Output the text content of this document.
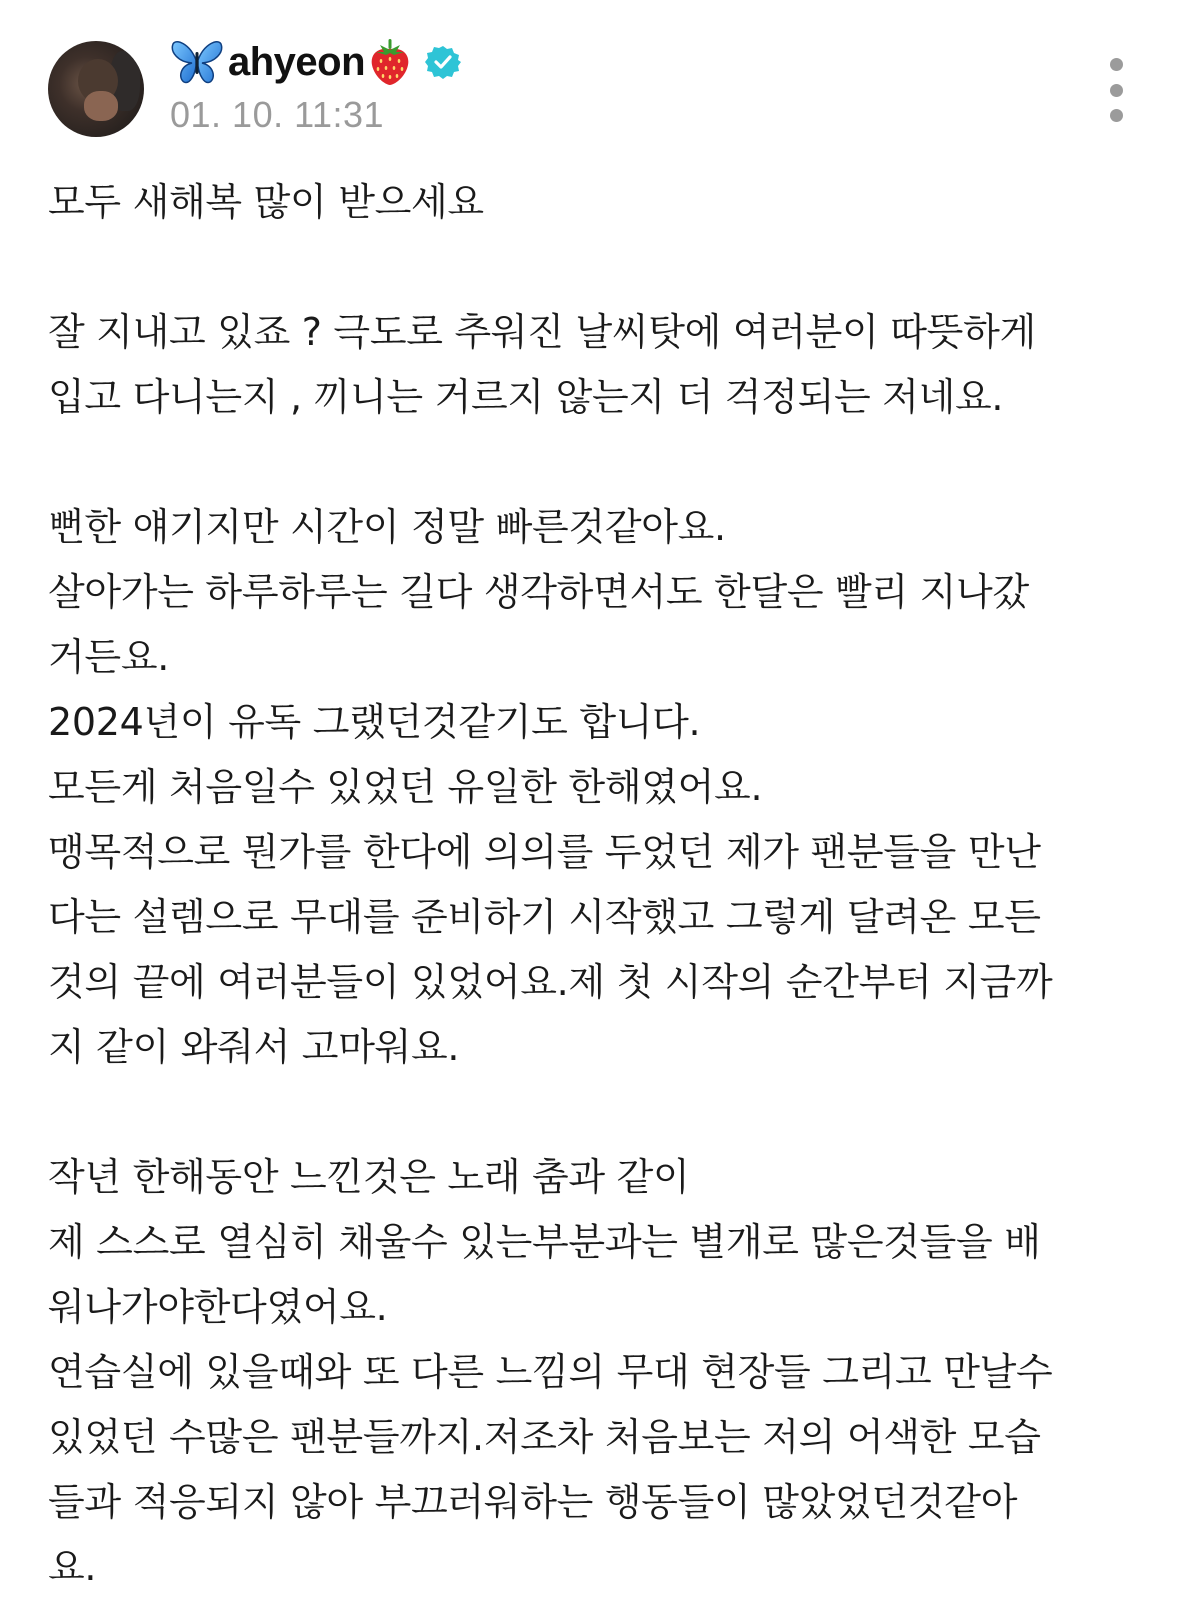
ahyeon
01. 10. 11:31
모두 새해복 많이 받으세요
잘 지내고 있죠 ? 극도로 추워진 날씨탓에 여러분이 따뜻하게
입고 다니는지 , 끼니는 거르지 않는지 더 걱정되는 저네요.
뻔한 얘기지만 시간이 정말 빠른것같아요.
살아가는 하루하루는 길다 생각하면서도 한달은 빨리 지나갔
거든요.
2024년이 유독 그랬던것같기도 합니다.
모든게 처음일수 있었던 유일한 한해였어요.
맹목적으로 뭔가를 한다에 의의를 두었던 제가 팬분들을 만난
다는 설렘으로 무대를 준비하기 시작했고 그렇게 달려온 모든
것의 끝에 여러분들이 있었어요.제 첫 시작의 순간부터 지금까
지 같이 와줘서 고마워요.
작년 한해동안 느낀것은 노래 춤과 같이
제 스스로 열심히 채울수 있는부분과는 별개로 많은것들을 배
워나가야한다였어요.
연습실에 있을때와 또 다른 느낌의 무대 현장들 그리고 만날수
있었던 수많은 팬분들까지.저조차 처음보는 저의 어색한 모습
들과 적응되지 않아 부끄러워하는 행동들이 많았었던것같아
요.
